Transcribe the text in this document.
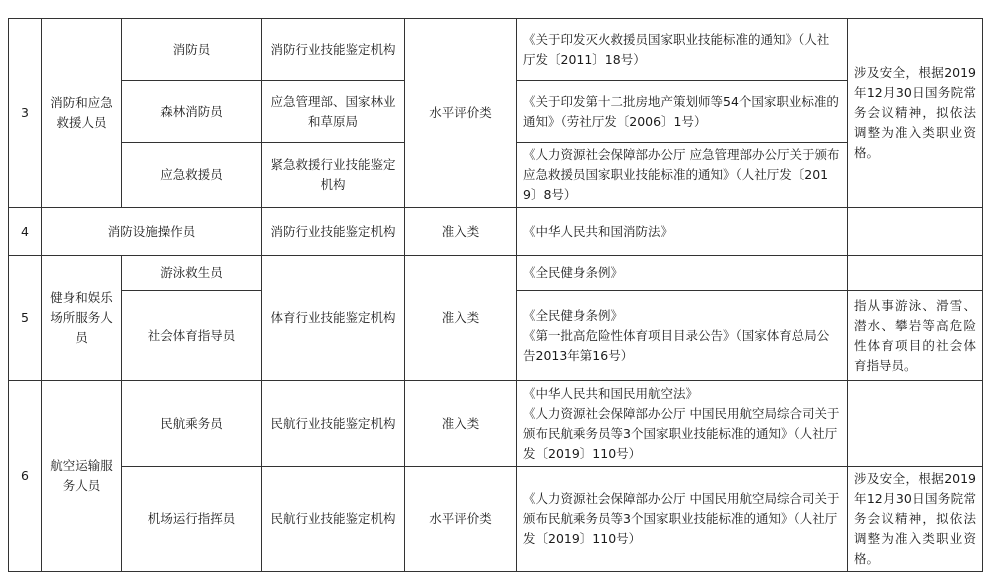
3	消防和应急救援人员	消防员	消防行业技能鉴定机构	水平评价类	《关于印发灭火救援员国家职业技能标准的通知》（人社厅发〔2011〕18号）	涉及安全，根据2019年12月30日国务院常务会议精神，拟依法调整为准入类职业资格。
		森林消防员	应急管理部、国家林业和草原局		《关于印发第十二批房地产策划师等54个国家职业标准的通知》（劳社厅发〔2006〕1号）	

		应急救援员	紧急救援行业技能鉴定机构		《人力资源社会保障部办公厅 应急管理部办公厅关于颁布应急救援员国家职业技能标准的通知》（人社厅发〔2019〕8号）	

4	消防设施操作员		消防行业技能鉴定机构	准入类	《中华人民共和国消防法》	

5	健身和娱乐场所服务人员	游泳救生员	体育行业技能鉴定机构	准入类	《全民健身条例》	

		社会体育指导员			《全民健身条例》
《第一批高危险性体育项目目录公告》（国家体育总局公告2013年第16号）	指从事游泳、滑雪、潜水、攀岩等高危险性体育项目的社会体育指导员。
6	航空运输服务人员	民航乘务员	民航行业技能鉴定机构	准入类	《中华人民共和国民用航空法》
《人力资源社会保障部办公厅 中国民用航空局综合司关于颁布民航乘务员等3个国家职业技能标准的通知》（人社厅发〔2019〕110号）	

		机场运行指挥员	民航行业技能鉴定机构	水平评价类	《人力资源社会保障部办公厅 中国民用航空局综合司关于颁布民航乘务员等3个国家职业技能标准的通知》（人社厅发〔2019〕110号）	涉及安全，根据2019年12月30日国务院常务会议精神，拟依法调整为准入类职业资格。
